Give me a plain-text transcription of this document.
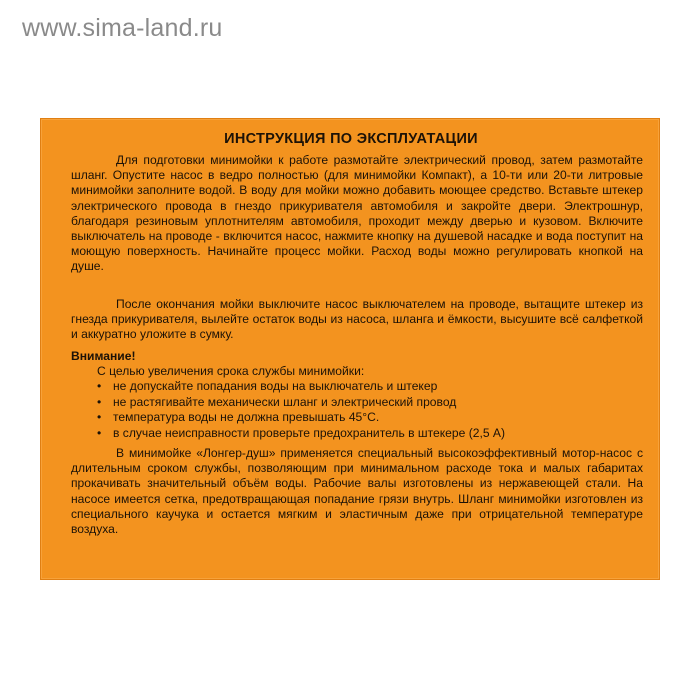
www.sima-land.ru

ИНСТРУКЦИЯ ПО ЭКСПЛУАТАЦИИ
Для подготовки минимойки к работе размотайте электрический провод, затем размотайте шланг. Опустите насос в ведро полностью (для минимойки Компакт), а 10-ти или 20-ти литровые минимойки заполните водой. В воду для мойки можно добавить моющее средство. Вставьте штекер электрического провода в гнездо прикуривателя автомобиля и закройте двери. Электрошнур, благодаря резиновым уплотнителям автомобиля, проходит между дверью и кузовом. Включите выключатель на проводе - включится насос, нажмите кнопку на душевой насадке и вода поступит на моющую поверхность. Начинайте процесс мойки. Расход воды можно регулировать кнопкой на душе.
После окончания мойки выключите насос выключателем на проводе, вытащите штекер из гнезда прикуривателя, вылейте остаток воды из насоса, шланга и ёмкости, высушите всё салфеткой и аккуратно уложите в сумку.
Внимание!
С целью увеличения срока службы минимойки:
• не допускайте попадания воды на выключатель и штекер
• не растягивайте механически шланг и электрический провод
• температура воды не должна превышать 45°С.
• в случае неисправности проверьте предохранитель в штекере (2,5 А)
В минимойке «Лонгер-душ» применяется специальный высокоэффективный мотор-насос с длительным сроком службы, позволяющим при минимальном расходе тока и малых габаритах прокачивать значительный объём воды. Рабочие валы изготовлены из нержавеющей стали. На насосе имеется сетка, предотвращающая попадание грязи внутрь. Шланг минимойки изготовлен из специального каучука и остается мягким и эластичным даже при отрицательной температуре воздуха.
